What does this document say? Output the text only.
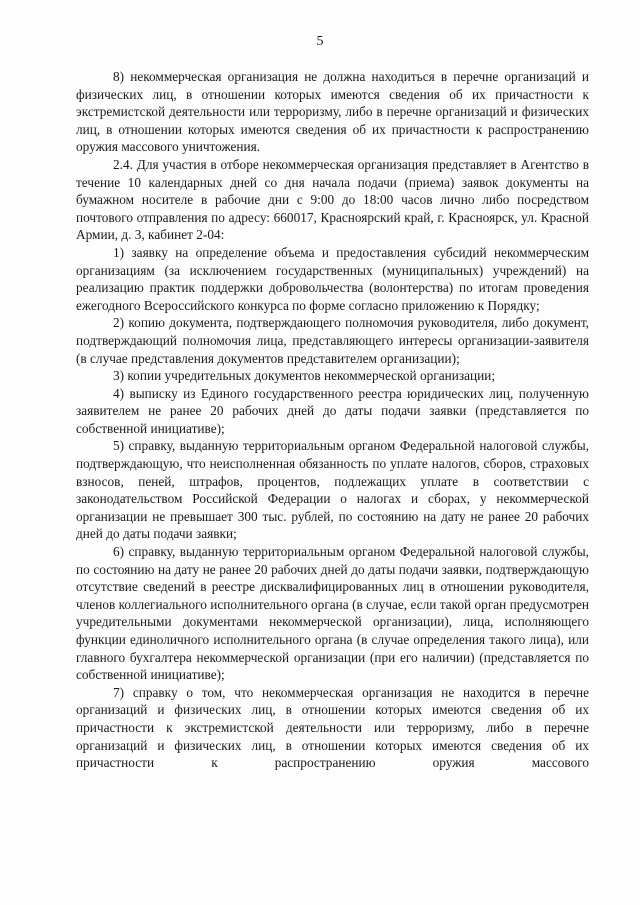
5

8) некоммерческая организация не должна находиться в перечне организаций и физических лиц, в отношении которых имеются сведения об их причастности к экстремистской деятельности или терроризму, либо в перечне организаций и физических лиц, в отношении которых имеются сведения об их причастности к распространению оружия массового уничтожения.

2.4. Для участия в отборе некоммерческая организация представляет в Агентство в течение 10 календарных дней со дня начала подачи (приема) заявок документы на бумажном носителе в рабочие дни с 9:00 до 18:00 часов лично либо посредством почтового отправления по адресу: 660017, Красноярский край, г. Красноярск, ул. Красной Армии, д. 3, кабинет 2-04:

1) заявку на определение объема и предоставления субсидий некоммерческим организациям (за исключением государственных (муниципальных) учреждений) на реализацию практик поддержки добровольчества (волонтерства) по итогам проведения ежегодного Всероссийского конкурса по форме согласно приложению к Порядку;

2) копию документа, подтверждающего полномочия руководителя, либо документ, подтверждающий полномочия лица, представляющего интересы организации-заявителя (в случае представления документов представителем организации);

3) копии учредительных документов некоммерческой организации;

4) выписку из Единого государственного реестра юридических лиц, полученную заявителем не ранее 20 рабочих дней до даты подачи заявки (представляется по собственной инициативе);

5) справку, выданную территориальным органом Федеральной налоговой службы, подтверждающую, что неисполненная обязанность по уплате налогов, сборов, страховых взносов, пеней, штрафов, процентов, подлежащих уплате в соответствии с законодательством Российской Федерации о налогах и сборах, у некоммерческой организации не превышает 300 тыс. рублей, по состоянию на дату не ранее 20 рабочих дней до даты подачи заявки;

6) справку, выданную территориальным органом Федеральной налоговой службы, по состоянию на дату не ранее 20 рабочих дней до даты подачи заявки, подтверждающую отсутствие сведений в реестре дисквалифицированных лиц в отношении руководителя, членов коллегиального исполнительного органа (в случае, если такой орган предусмотрен учредительными документами некоммерческой организации), лица, исполняющего функции единоличного исполнительного органа (в случае определения такого лица), или главного бухгалтера некоммерческой организации (при его наличии) (представляется по собственной инициативе);

7) справку о том, что некоммерческая организация не находится в перечне организаций и физических лиц, в отношении которых имеются сведения об их причастности к экстремистской деятельности или терроризму, либо в перечне организаций и физических лиц, в отношении которых имеются сведения об их причастности к распространению оружия массового
